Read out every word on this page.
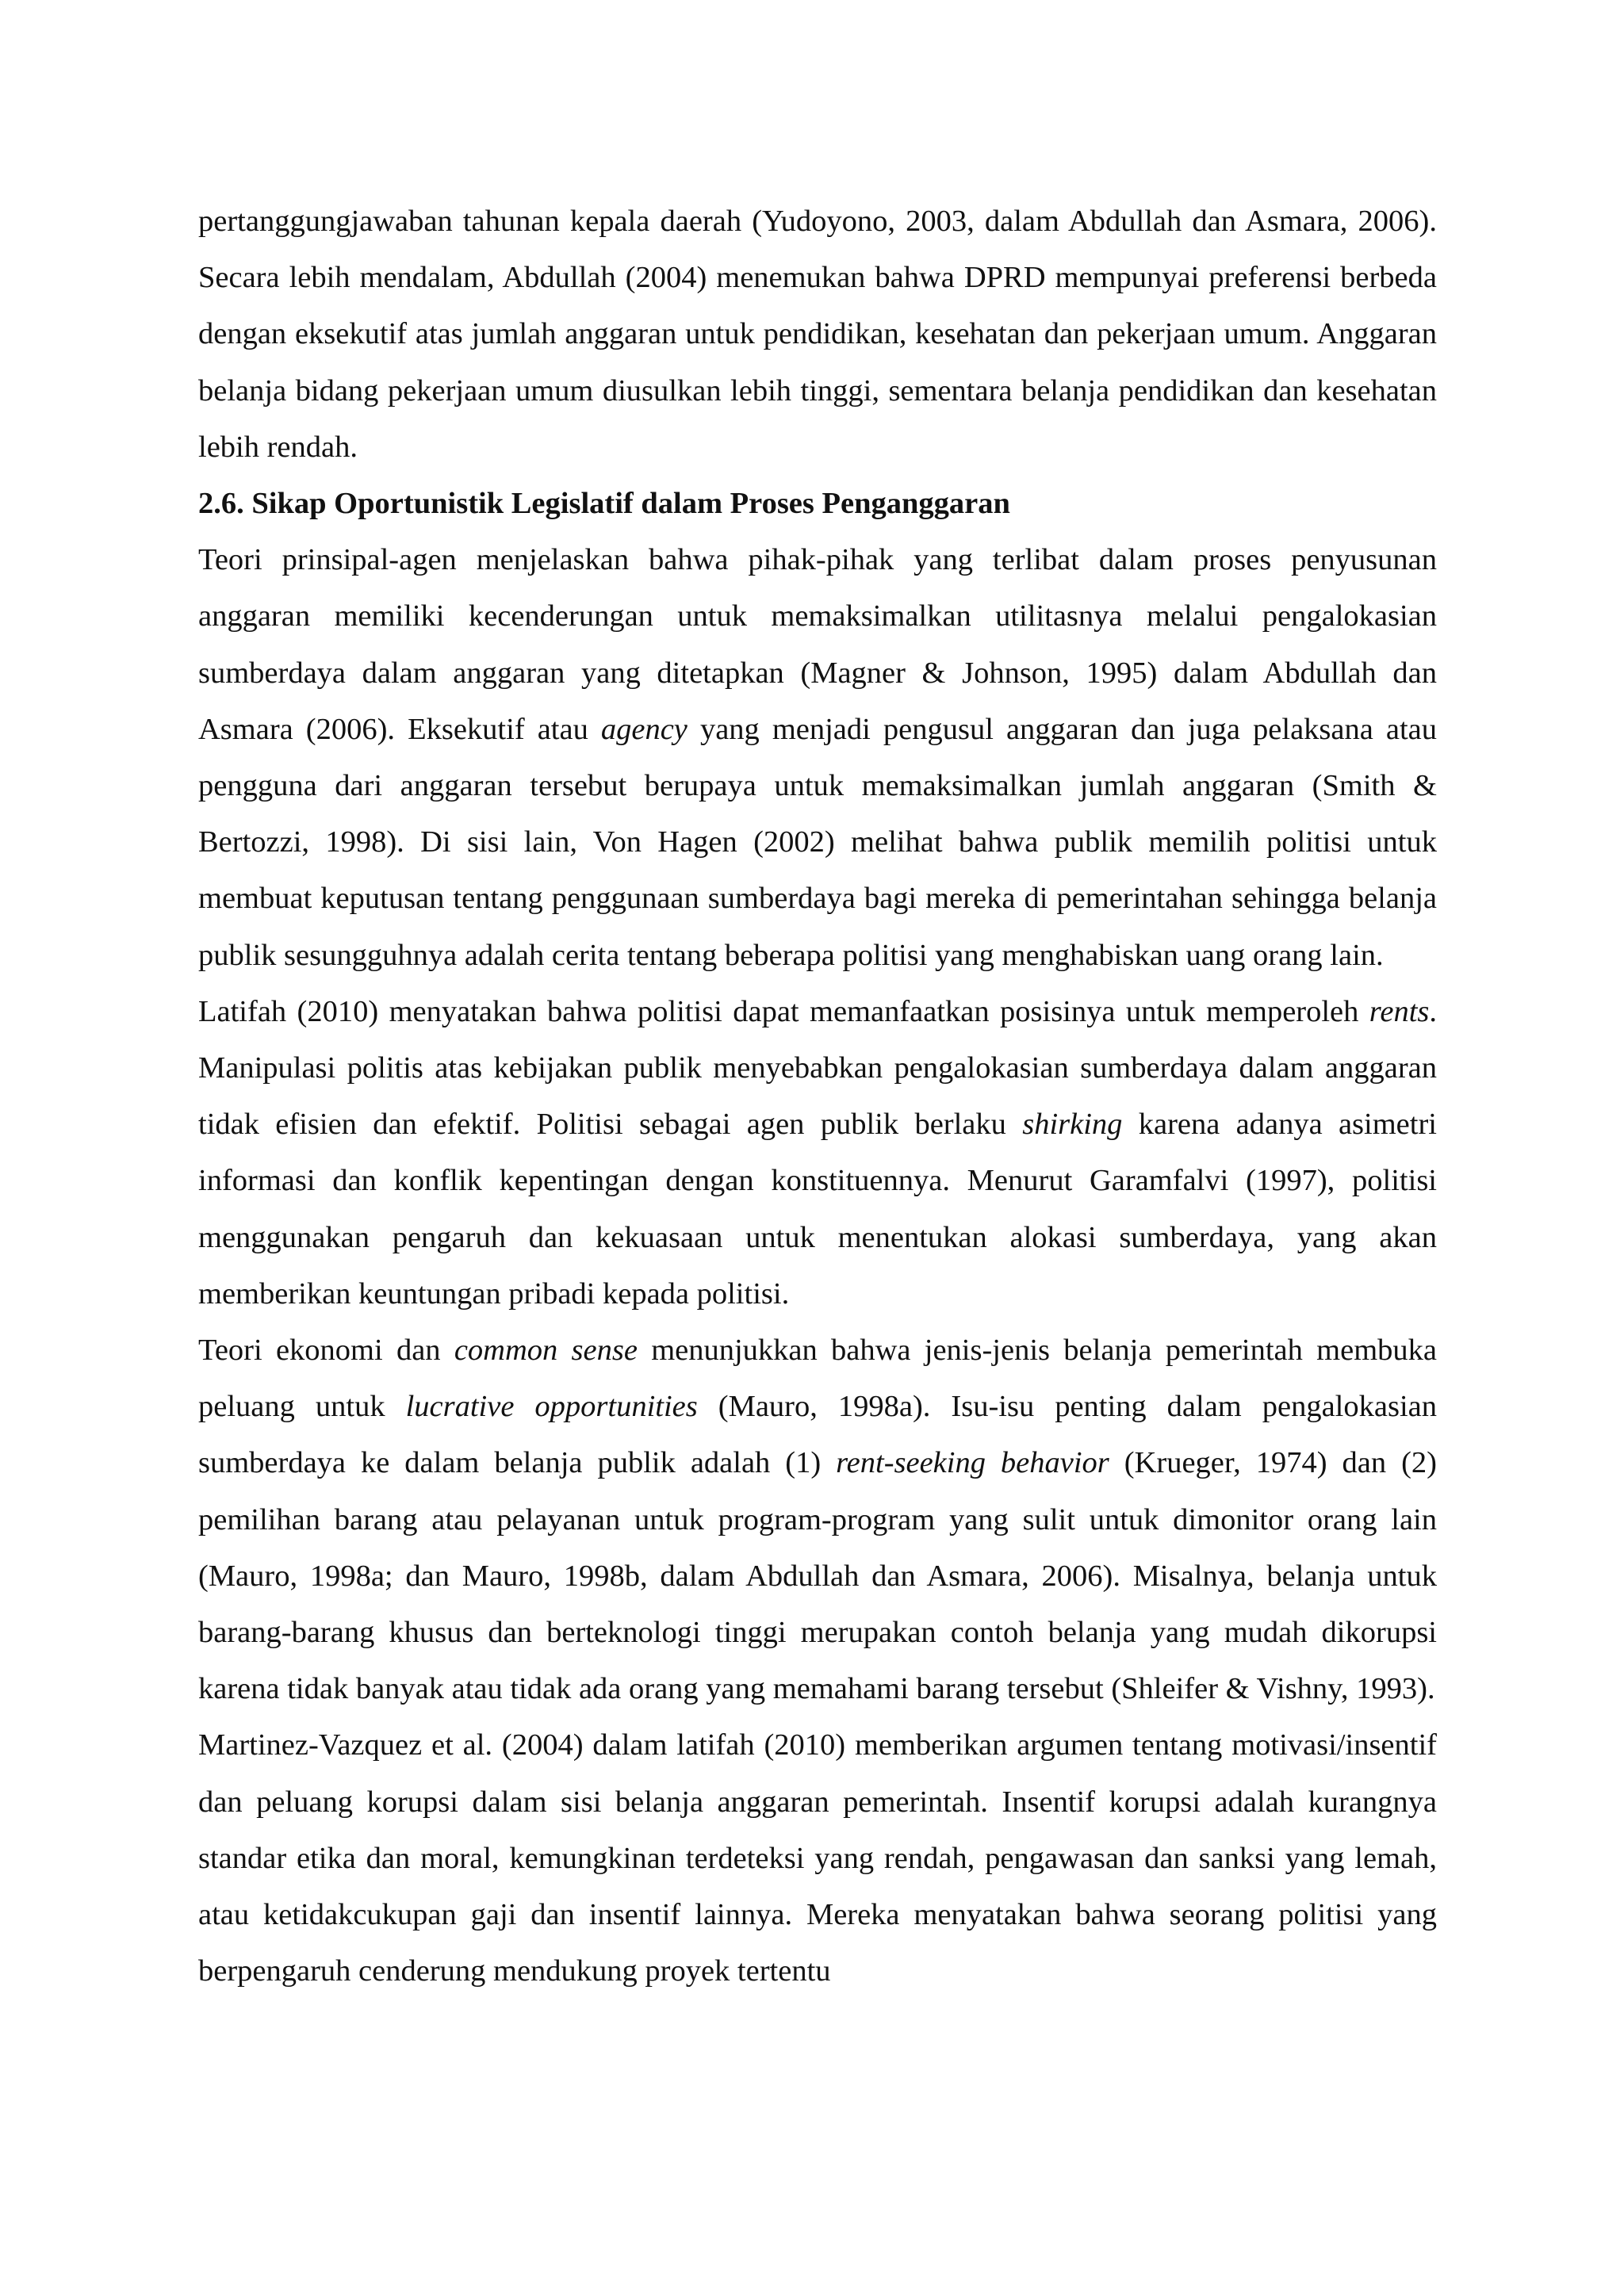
pertanggungjawaban tahunan kepala daerah (Yudoyono, 2003, dalam Abdullah dan Asmara, 2006). Secara lebih mendalam, Abdullah (2004) menemukan bahwa DPRD mempunyai preferensi berbeda dengan eksekutif atas jumlah anggaran untuk pendidikan, kesehatan dan pekerjaan umum. Anggaran belanja bidang pekerjaan umum diusulkan lebih tinggi, sementara belanja pendidikan dan kesehatan lebih rendah.

2.6. Sikap Oportunistik Legislatif dalam Proses Penganggaran

Teori prinsipal-agen menjelaskan bahwa pihak-pihak yang terlibat dalam proses penyusunan anggaran memiliki kecenderungan untuk memaksimalkan utilitasnya melalui pengalokasian sumberdaya dalam anggaran yang ditetapkan (Magner & Johnson, 1995) dalam Abdullah dan Asmara (2006). Eksekutif atau agency yang menjadi pengusul anggaran dan juga pelaksana atau pengguna dari anggaran tersebut berupaya untuk memaksimalkan jumlah anggaran (Smith & Bertozzi, 1998). Di sisi lain, Von Hagen (2002) melihat bahwa publik memilih politisi untuk membuat keputusan tentang penggunaan sumberdaya bagi mereka di pemerintahan sehingga belanja publik sesungguhnya adalah cerita tentang beberapa politisi yang menghabiskan uang orang lain.

Latifah (2010) menyatakan bahwa politisi dapat memanfaatkan posisinya untuk memperoleh rents. Manipulasi politis atas kebijakan publik menyebabkan pengalokasian sumberdaya dalam anggaran tidak efisien dan efektif. Politisi sebagai agen publik berlaku shirking karena adanya asimetri informasi dan konflik kepentingan dengan konstituennya. Menurut Garamfalvi (1997), politisi menggunakan pengaruh dan kekuasaan untuk menentukan alokasi sumberdaya, yang akan memberikan keuntungan pribadi kepada politisi.

Teori ekonomi dan common sense menunjukkan bahwa jenis-jenis belanja pemerintah membuka peluang untuk lucrative opportunities (Mauro, 1998a). Isu-isu penting dalam pengalokasian sumberdaya ke dalam belanja publik adalah (1) rent-seeking behavior (Krueger, 1974) dan (2) pemilihan barang atau pelayanan untuk program-program yang sulit untuk dimonitor orang lain (Mauro, 1998a; dan Mauro, 1998b, dalam Abdullah dan Asmara, 2006). Misalnya, belanja untuk barang-barang khusus dan berteknologi tinggi merupakan contoh belanja yang mudah dikorupsi karena tidak banyak atau tidak ada orang yang memahami barang tersebut (Shleifer & Vishny, 1993).

Martinez-Vazquez et al. (2004) dalam latifah (2010) memberikan argumen tentang motivasi/insentif dan peluang korupsi dalam sisi belanja anggaran pemerintah. Insentif korupsi adalah kurangnya standar etika dan moral, kemungkinan terdeteksi yang rendah, pengawasan dan sanksi yang lemah, atau ketidakcukupan gaji dan insentif lainnya. Mereka menyatakan bahwa seorang politisi yang berpengaruh cenderung mendukung proyek tertentu
